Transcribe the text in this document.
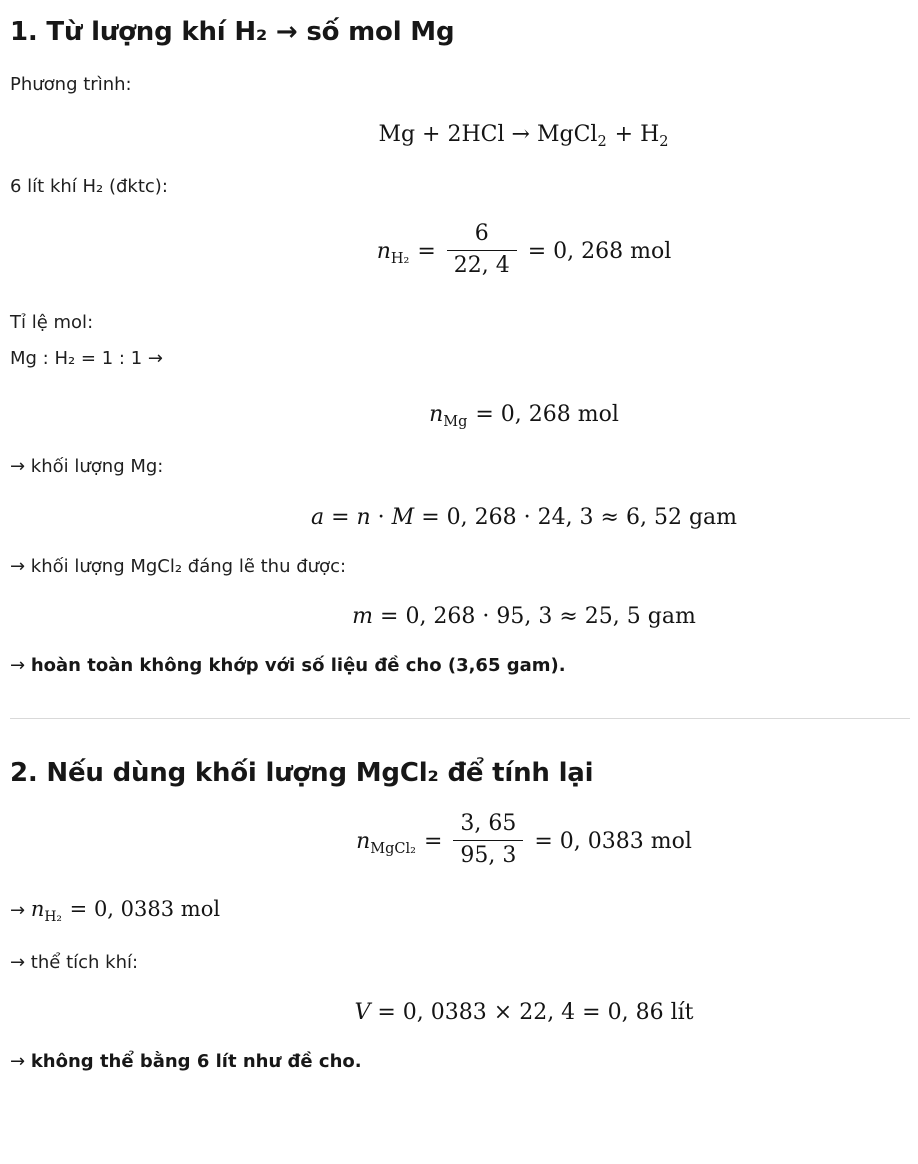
1. Từ lượng khí H₂ → số mol Mg

Phương trình:

Mg + 2HCl → MgCl$_2$ + $H_2$

6 lít khí H₂ (đktc):

$n_{H_2} = \frac{6}{22, 4} = 0$, 268 mol

Tỉ lệ mol:
Mg : H₂ = 1 : 1 →

$n_{Mg} = 0$, 268 mol

→ khối lượng Mg:

a = n · M = 0, 268 · 24, 3 ≈ 6, 52 gam

→ khối lượng MgCl₂ đáng lẽ thu được:

m = 0, 268 · 95, 3 ≈ 25, 5 gam

→ hoàn toàn không khớp với số liệu đề cho (3,65 gam).

2. Nếu dùng khối lượng MgCl₂ để tính lại
$n_{MgCl_2} = \frac{3, 65}{95, 3} = 0$, 0383 mol

→ $n_{H_2} = 0$, 0383 mol

→ thể tích khí:

V = 0, 0383 × 22, 4 = 0, 86 lít

→ không thể bằng 6 lít như đề cho.
